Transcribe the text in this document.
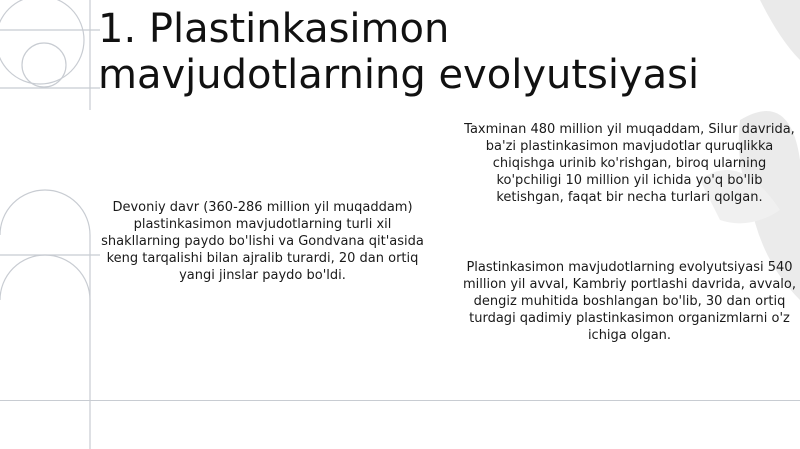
1. Plastinkasimon mavjudotlarning evolyutsiyasi

Devoniy davr (360-286 million yil muqaddam) plastinkasimon mavjudotlarning turli xil shakllarning paydo bo'lishi va Gondvana qit'asida keng tarqalishi bilan ajralib turardi, 20 dan ortiq yangi jinslar paydo bo'ldi.

Taxminan 480 million yil muqaddam, Silur davrida, ba'zi plastinkasimon mavjudotlar quruqlikka chiqishga urinib ko'rishgan, biroq ularning ko'pchiligi 10 million yil ichida yo'q bo'lib ketishgan, faqat bir necha turlari qolgan.

Plastinkasimon mavjudotlarning evolyutsiyasi 540 million yil avval, Kambriy portlashi davrida, avvalo, dengiz muhitida boshlangan bo'lib, 30 dan ortiq turdagi qadimiy plastinkasimon organizmlarni o'z ichiga olgan.
